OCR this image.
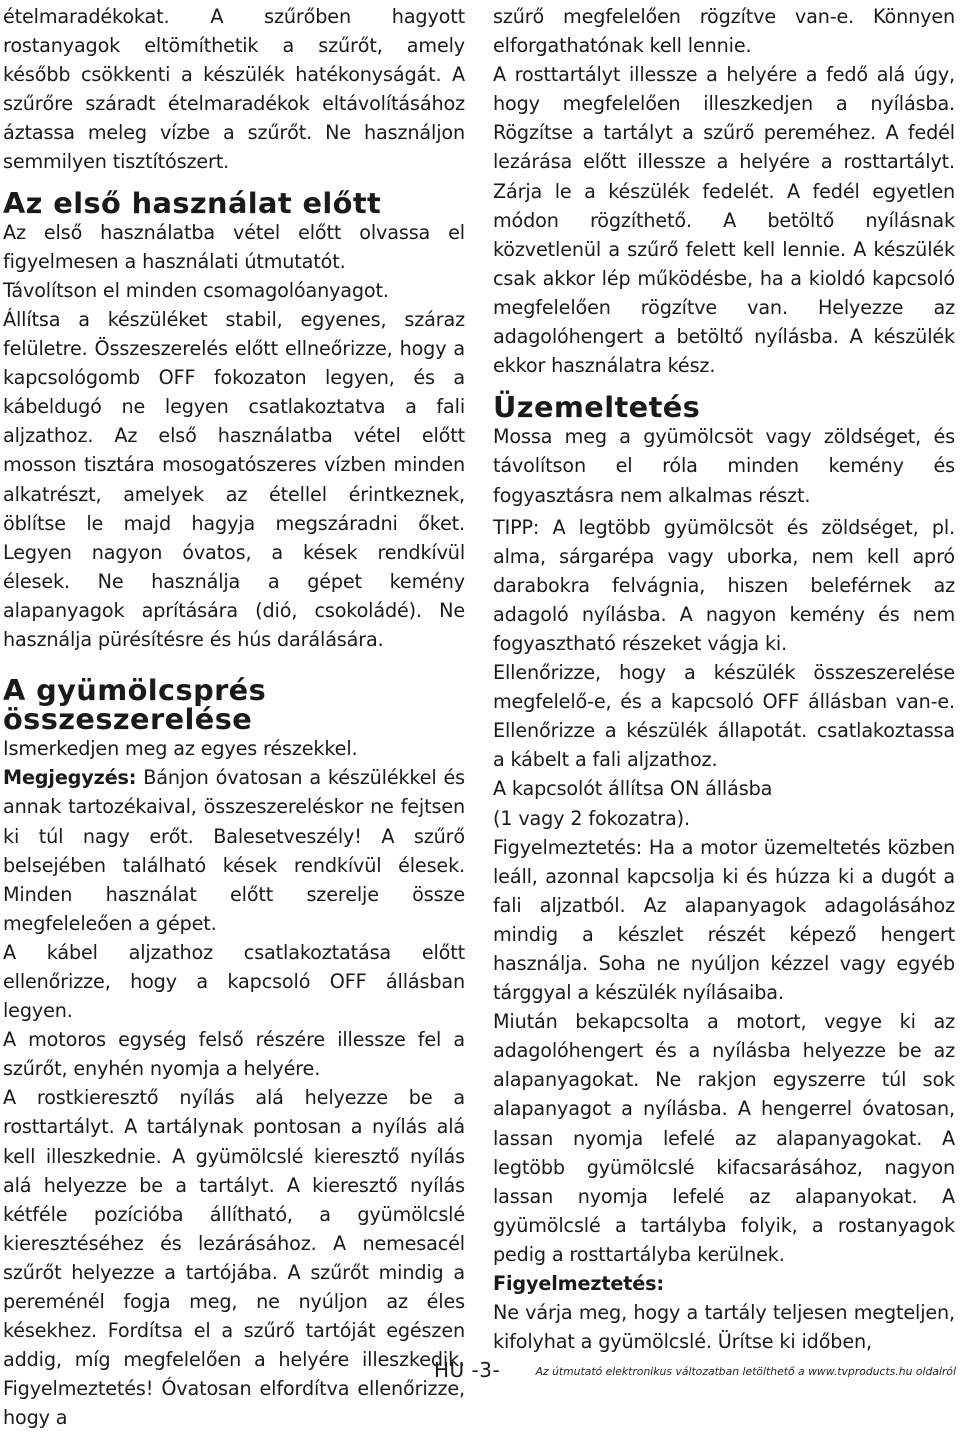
ételmaradékokat. A szűrőben hagyott rostanyagok eltömíthetik a szűrőt, amely később csökkenti a készülék hatékonyságát. A szűrőre száradt ételmaradékok eltávolításához áztassa meleg vízbe a szűrőt. Ne használjon semmilyen tisztítószert.

Az első használat előtt

Az első használatba vétel előtt olvassa el figyelmesen a használati útmutatót.

Távolítson el minden csomagolóanyagot.

Állítsa a készüléket stabil, egyenes, száraz felületre. Összeszerelés előtt ellneőrizze, hogy a kapcsológomb OFF fokozaton legyen, és a kábeldugó ne legyen csatlakoztatva a fali aljzathoz. Az első használatba vétel előtt mosson tisztára mosogatószeres vízben minden alkatrészt, amelyek az étellel érintkeznek, öblítse le majd hagyja megszáradni őket. Legyen nagyon óvatos, a kések rendkívül élesek. Ne használja a gépet kemény alapanyagok aprítására (dió, csokoládé). Ne használja pürésítésre és hús darálására.

A gyümölcsprés összeszerelése

Ismerkedjen meg az egyes részekkel.

Megjegyzés: Bánjon óvatosan a készülékkel és annak tartozékaival, összeszereléskor ne fejtsen ki túl nagy erőt. Balesetveszély! A szűrő belsejében található kések rendkívül élesek. Minden használat előtt szerelje össze megfeleleően a gépet.

A kábel aljzathoz csatlakoztatása előtt ellenőrizze, hogy a kapcsoló OFF állásban legyen.

A motoros egység felső részére illessze fel a szűrőt, enyhén nyomja a helyére.

A rostkieresztő nyílás alá helyezze be a rosttartályt. A tartálynak pontosan a nyílás alá kell illeszkednie. A gyümölcslé kieresztő nyílás alá helyezze be a tartályt. A kieresztő nyílás kétféle pozícióba állítható, a gyümölcslé kieresztéséhez és lezárásához. A nemesacél szűrőt helyezze a tartójába. A szűrőt mindig a pereménél fogja meg, ne nyúljon az éles késekhez. Fordítsa el a szűrő tartóját egészen addig, míg megfelelően a helyére illeszkedik. Figyelmeztetés! Óvatosan elfordítva ellenőrizze, hogy a

szűrő megfelelően rögzítve van-e. Könnyen elforgathatónak kell lennie.

A rosttartályt illessze a helyére a fedő alá úgy, hogy megfelelően illeszkedjen a nyílásba. Rögzítse a tartályt a szűrő pereméhez. A fedél lezárása előtt illessze a helyére a rosttartályt. Zárja le a készülék fedelét. A fedél egyetlen módon rögzíthető. A betöltő nyílásnak közvetlenül a szűrő felett kell lennie. A készülék csak akkor lép működésbe, ha a kioldó kapcsoló megfelelően rögzítve van. Helyezze az adagolóhengert a betöltő nyílásba. A készülék ekkor használatra kész.

Üzemeltetés

Mossa meg a gyümölcsöt vagy zöldséget, és távolítson el róla minden kemény és fogyasztásra nem alkalmas részt.

TIPP: A legtöbb gyümölcsöt és zöldséget, pl. alma, sárgarépa vagy uborka, nem kell apró darabokra felvágnia, hiszen beleférnek az adagoló nyílásba. A nagyon kemény és nem fogyasztható részeket vágja ki.

Ellenőrizze, hogy a készülék összeszerelése megfelelő-e, és a kapcsoló OFF állásban van-e. Ellenőrizze a készülék állapotát. csatlakoztassa a kábelt a fali aljzathoz.

A kapcsolót állítsa ON állásba

(1 vagy 2 fokozatra).

Figyelmeztetés: Ha a motor üzemeltetés közben leáll, azonnal kapcsolja ki és húzza ki a dugót a fali aljzatból. Az alapanyagok adagolásához mindig a készlet részét képező hengert használja. Soha ne nyúljon kézzel vagy egyéb tárggyal a készülék nyílásaiba.

Miután bekapcsolta a motort, vegye ki az adagolóhengert és a nyílásba helyezze be az alapanyagokat. Ne rakjon egyszerre túl sok alapanyagot a nyílásba. A hengerrel óvatosan, lassan nyomja lefelé az alapanyagokat. A legtöbb gyümölcslé kifacsarásához, nagyon lassan nyomja lefelé az alapanyokat. A gyümölcslé a tartályba folyik, a rostanyagok pedig a rosttartályba kerülnek.

Figyelmeztetés:

Ne várja meg, hogy a tartály teljesen megteljen, kifolyhat a gyümölcslé. Ürítse ki időben,

HU -3-	Az útmutató elektronikus változatban letölthető a www.tvproducts.hu oldalról
